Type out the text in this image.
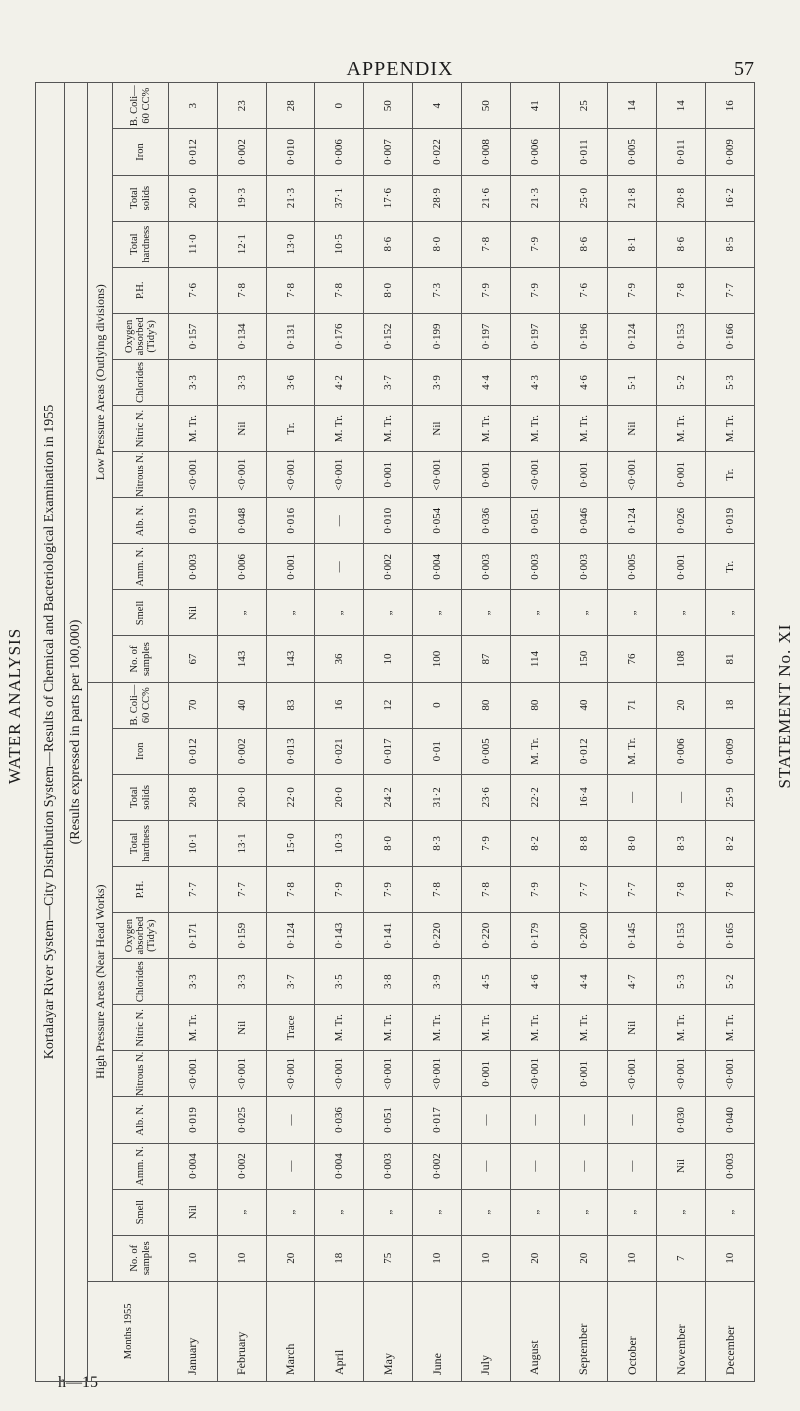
APPENDIX	57
WATER ANALYSIS	STATEMENT No. XI
h—15
Kortalayar River System—City Distribution System—Results of Chemical and Bacteriological Examination in 1955																										
(Results expressed in parts per 100,000)																										
Months 1955	High Pressure Areas (Near Head Works)													Low Pressure Areas (Outlying divisions)												
	No. of samples	Smell	Amm. N.	Alb. N.	Nitrous N.	Nitric N.	Chlorides	Oxygen absorbed (Tidy's)	P.H.	Total hardness	Total solids	Iron	B. Coli—60 CC%	No. of samples	Smell	Amm. N.	Alb. N.	Nitrous N.	Nitric N.	Chlorides	Oxygen absorbed (Tidy's)	P.H.	Total hardness	Total solids	Iron	B. Coli—60 CC%
January	10	Nil	0·004	0·019	<0·001	M. Tr.	3·3	0·171	7·7	10·1	20·8	0·012	70	67	Nil	0·003	0·019	<0·001	M. Tr.	3·3	0·157	7·6	11·0	20·0	0·012	3
February	10	„	0·002	0·025	<0·001	Nil	3·3	0·159	7·7	13·1	20·0	0·002	40	143	„	0·006	0·048	<0·001	Nil	3·3	0·134	7·8	12·1	19·3	0·002	23
March	20	„	—	—	<0·001	Trace	3·7	0·124	7·8	15·0	22·0	0·013	83	143	„	0·001	0·016	<0·001	Tr.	3·6	0·131	7·8	13·0	21·3	0·010	28
April	18	„	0·004	0·036	<0·001	M. Tr.	3·5	0·143	7·9	10·3	20·0	0·021	16	36	„	—	—	<0·001	M. Tr.	4·2	0·176	7·8	10·5	37·1	0·006	0
May	75	„	0·003	0·051	<0·001	M. Tr.	3·8	0·141	7·9	8·0	24·2	0·017	12	10	„	0·002	0·010	0·001	M. Tr.	3·7	0·152	8·0	8·6	17·6	0·007	50
June	10	„	0·002	0·017	<0·001	M. Tr.	3·9	0·220	7·8	8·3	31·2	0·01	0	100	„	0·004	0·054	<0·001	Nil	3·9	0·199	7·3	8·0	28·9	0·022	4
July	10	„	—	—	0·001	M. Tr.	4·5	0·220	7·8	7·9	23·6	0·005	80	87	„	0·003	0·036	0·001	M. Tr.	4·4	0·197	7·9	7·8	21·6	0·008	50
August	20	„	—	—	<0·001	M. Tr.	4·6	0·179	7·9	8·2	22·2	M. Tr.	80	114	„	0·003	0·051	<0·001	M. Tr.	4·3	0·197	7·9	7·9	21·3	0·006	41
September	20	„	—	—	0·001	M. Tr.	4·4	0·200	7·7	8·8	16·4	0·012	40	150	„	0·003	0·046	0·001	M. Tr.	4·6	0·196	7·6	8·6	25·0	0·011	25
October	10	„	—	—	<0·001	Nil	4·7	0·145	7·7	8·0	—	M. Tr.	71	76	„	0·005	0·124	<0·001	Nil	5·1	0·124	7·9	8·1	21·8	0·005	14
November	7	„	Nil	0·030	<0·001	M. Tr.	5·3	0·153	7·8	8·3	—	0·006	20	108	„	0·001	0·026	0·001	M. Tr.	5·2	0·153	7·8	8·6	20·8	0·011	14
December	10	„	0·003	0·040	<0·001	M. Tr.	5·2	0·165	7·8	8·2	25·9	0·009	18	81	„	Tr.	0·019	Tr.	M. Tr.	5·3	0·166	7·7	8·5	16·2	0·009	16
